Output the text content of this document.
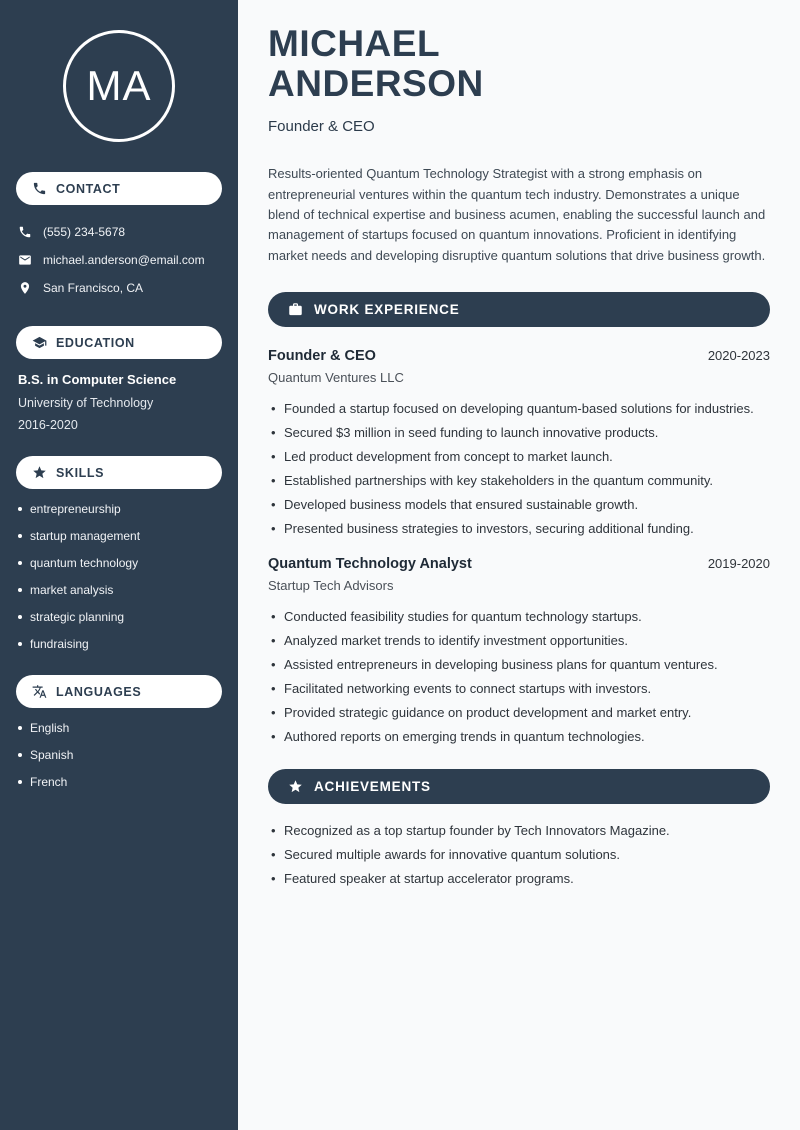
MA
CONTACT
(555) 234-5678
michael.anderson@email.com
San Francisco, CA
EDUCATION
B.S. in Computer Science
University of Technology
2016-2020
SKILLS
entrepreneurship
startup management
quantum technology
market analysis
strategic planning
fundraising
LANGUAGES
English
Spanish
French
MICHAEL
ANDERSON
Founder & CEO

Results-oriented Quantum Technology Strategist with a strong emphasis on entrepreneurial ventures within the quantum tech industry. Demonstrates a unique blend of technical expertise and business acumen, enabling the successful launch and management of startups focused on quantum innovations. Proficient in identifying market needs and developing disruptive quantum solutions that drive business growth.

WORK EXPERIENCE
Founder & CEO	2020-2023
Quantum Ventures LLC
• Founded a startup focused on developing quantum-based solutions for industries.
• Secured $3 million in seed funding to launch innovative products.
• Led product development from concept to market launch.
• Established partnerships with key stakeholders in the quantum community.
• Developed business models that ensured sustainable growth.
• Presented business strategies to investors, securing additional funding.
Quantum Technology Analyst	2019-2020
Startup Tech Advisors
• Conducted feasibility studies for quantum technology startups.
• Analyzed market trends to identify investment opportunities.
• Assisted entrepreneurs in developing business plans for quantum ventures.
• Facilitated networking events to connect startups with investors.
• Provided strategic guidance on product development and market entry.
• Authored reports on emerging trends in quantum technologies.
ACHIEVEMENTS
• Recognized as a top startup founder by Tech Innovators Magazine.
• Secured multiple awards for innovative quantum solutions.
• Featured speaker at startup accelerator programs.
